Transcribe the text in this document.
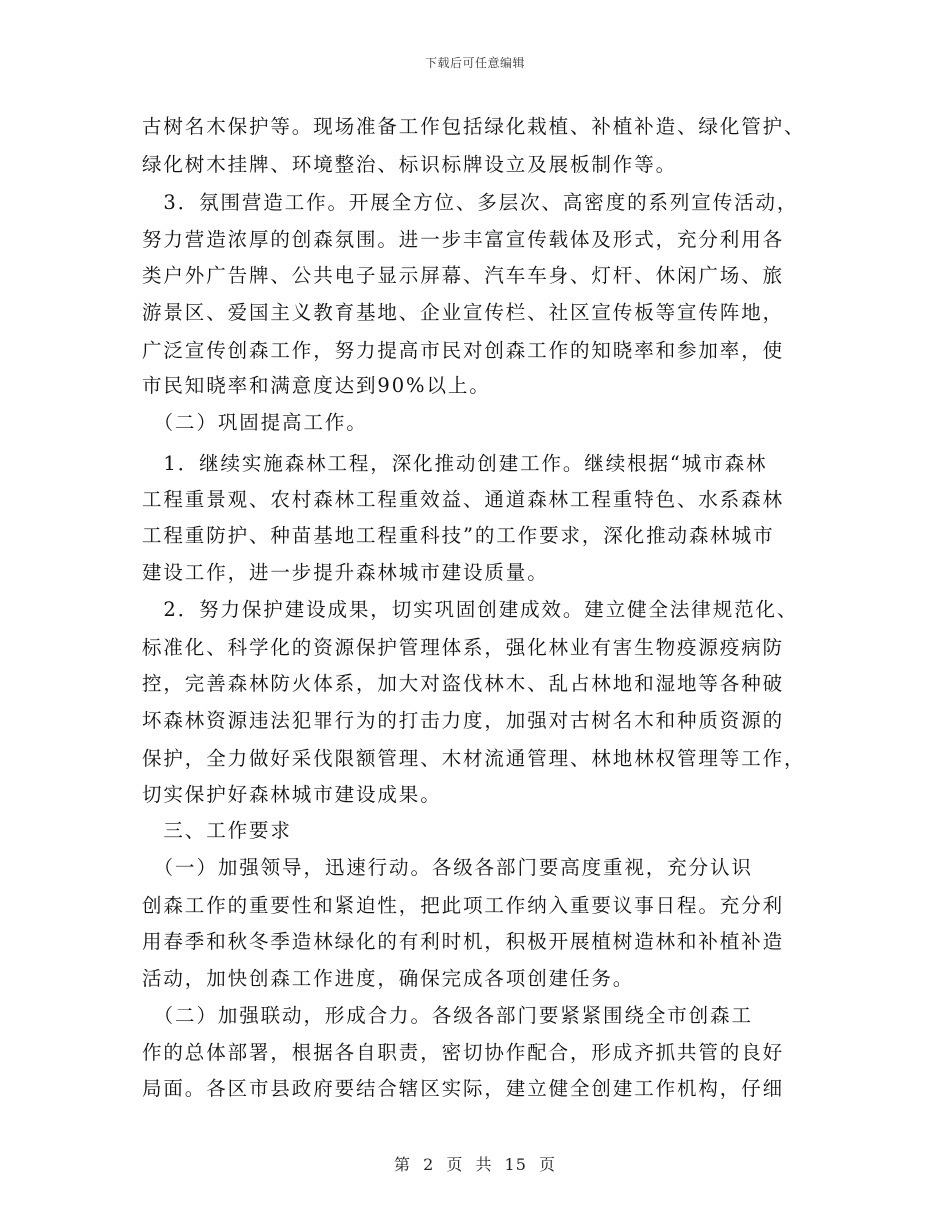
下载后可任意编辑
古树名木保护等。现场准备工作包括绿化栽植、补植补造、绿化管护、
绿化树木挂牌、环境整治、标识标牌设立及展板制作等。
　3．氛围营造工作。开展全方位、多层次、高密度的系列宣传活动，
努力营造浓厚的创森氛围。进一步丰富宣传载体及形式，充分利用各
类户外广告牌、公共电子显示屏幕、汽车车身、灯杆、休闲广场、旅
游景区、爱国主义教育基地、企业宣传栏、社区宣传板等宣传阵地，
广泛宣传创森工作，努力提高市民对创森工作的知晓率和参加率，使
市民知晓率和满意度达到90%以上。
　（二）巩固提高工作。
　1．继续实施森林工程，深化推动创建工作。继续根据“城市森林
工程重景观、农村森林工程重效益、通道森林工程重特色、水系森林
工程重防护、种苗基地工程重科技”的工作要求，深化推动森林城市
建设工作，进一步提升森林城市建设质量。
　2．努力保护建设成果，切实巩固创建成效。建立健全法律规范化、
标准化、科学化的资源保护管理体系，强化林业有害生物疫源疫病防
控，完善森林防火体系，加大对盗伐林木、乱占林地和湿地等各种破
坏森林资源违法犯罪行为的打击力度，加强对古树名木和种质资源的
保护，全力做好采伐限额管理、木材流通管理、林地林权管理等工作，
切实保护好森林城市建设成果。
　三、工作要求
　（一）加强领导，迅速行动。各级各部门要高度重视，充分认识
创森工作的重要性和紧迫性，把此项工作纳入重要议事日程。充分利
用春季和秋冬季造林绿化的有利时机，积极开展植树造林和补植补造
活动，加快创森工作进度，确保完成各项创建任务。
　（二）加强联动，形成合力。各级各部门要紧紧围绕全市创森工
作的总体部署，根据各自职责，密切协作配合，形成齐抓共管的良好
局面。各区市县政府要结合辖区实际，建立健全创建工作机构，仔细
第 2 页 共 15 页
